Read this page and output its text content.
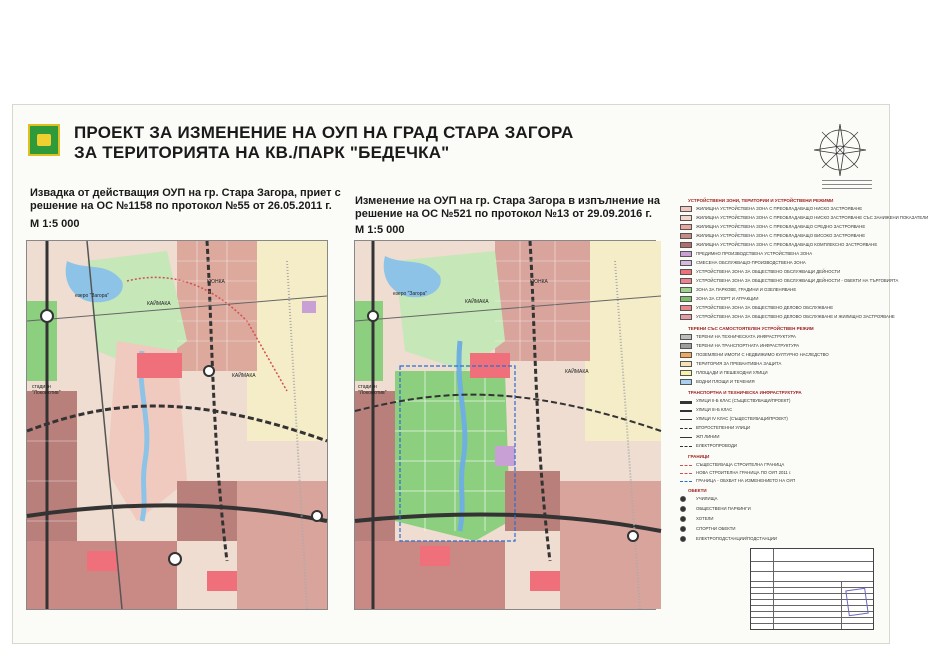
ПРОЕКТ ЗА ИЗМЕНЕНИЕ НА ОУП НА ГРАД СТАРА ЗАГОРА
ЗА ТЕРИТОРИЯТА НА КВ./ПАРК "БЕДЕЧКА"
Извадка от действащия ОУП на гр. Стара Загора, приет с
решение на ОС №1158 по протокол №55 от 26.05.2011 г.
М 1:5 000
Изменение на ОУП на гр. Стара Загора в изпълнение на
решение на ОС №521 по протокол №13 от 29.09.2016 г.
М 1:5 000
езеро "Загора"
стадион "Локомотив"
КАЙМАКА
КЮНКА
КАЙМАКА
езеро "Загора"
стадион "Локомотив"
КАЙМАКА
КЮНКА
КАЙМАКА
УСТРОЙСТВЕНИ ЗОНИ, ТЕРИТОРИИ И УСТРОЙСТВЕНИ РЕЖИМИ
ЖИЛИЩНА УСТРОЙСТВЕНА ЗОНА С ПРЕОБЛАДАВАЩО НИСКО ЗАСТРОЯВАНЕ
ЖИЛИЩНА УСТРОЙСТВЕНА ЗОНА С ПРЕОБЛАДАВАЩО НИСКО ЗАСТРОЯВАНЕ СЪС ЗАНИЖЕНИ ПОКАЗАТЕЛИ
ЖИЛИЩНА УСТРОЙСТВЕНА ЗОНА С ПРЕОБЛАДАВАЩО СРЕДНО ЗАСТРОЯВАНЕ
ЖИЛИЩНА УСТРОЙСТВЕНА ЗОНА С ПРЕОБЛАДАВАЩО ВИСОКО ЗАСТРОЯВАНЕ
ЖИЛИЩНА УСТРОЙСТВЕНА ЗОНА С ПРЕОБЛАДАВАЩО КОМПЛЕКСНО ЗАСТРОЯВАНЕ
ПРЕДИМНО ПРОИЗВОДСТВЕНА УСТРОЙСТВЕНА ЗОНА
СМЕСЕНА ОБСЛУЖВАЩО-ПРОИЗВОДСТВЕНА ЗОНА
УСТРОЙСТВЕНА ЗОНА ЗА ОБЩЕСТВЕНО ОБСЛУЖВАЩИ ДЕЙНОСТИ
УСТРОЙСТВЕНА ЗОНА ЗА ОБЩЕСТВЕНО ОБСЛУЖВАЩИ ДЕЙНОСТИ - ОБЕКТИ НА ТЪРГОВИЯТА
ЗОНА ЗА ПАРКОВЕ, ГРАДИНИ И ОЗЕЛЕНЯВАНЕ
ЗОНА ЗА СПОРТ И АТРАКЦИИ
УСТРОЙСТВЕНА ЗОНА ЗА ОБЩЕСТВЕНО ДЕЛОВО ОБСЛУЖВАНЕ
УСТРОЙСТВЕНА ЗОНА ЗА ОБЩЕСТВЕНО ДЕЛОВО ОБСЛУЖВАНЕ И ЖИЛИЩНО ЗАСТРОЯВАНЕ
ТЕРЕНИ СЪС САМОСТОЯТЕЛЕН УСТРОЙСТВЕН РЕЖИМ
ТЕРЕНИ НА ТЕХНИЧЕСКАТА ИНФРАСТРУКТУРА
ТЕРЕНИ НА ТРАНСПОРТНАТА ИНФРАСТРУКТУРА
ПОЗЕМЛЕНИ ИМОТИ С НЕДВИЖИМО КУЛТУРНО НАСЛЕДСТВО
ТЕРИТОРИЯ ЗА ПРЕВАНТИВНА ЗАЩИТА
ПЛОЩАДИ И ПЕШЕХОДНИ УЛИЦИ
ВОДНИ ПЛОЩИ И ТЕЧЕНИЯ
ТРАНСПОРТНА И ТЕХНИЧЕСКА ИНФРАСТРУКТУРА
УЛИЦИ II-Б КЛАС (СЪЩЕСТВУВАЩИ/ПРОЕКТ)
УЛИЦИ III-Б КЛАС
УЛИЦИ IV КЛАС (СЪЩЕСТВУВАЩИ/ПРОЕКТ)
ВТОРОСТЕПЕННИ УЛИЦИ
ЖП ЛИНИИ
ЕЛЕКТРОПРОВОДИ
ГРАНИЦИ
СЪЩЕСТВУВАЩА СТРОИТЕЛНА ГРАНИЦА
НОВА СТРОИТЕЛНА ГРАНИЦА ПО ОУП 2011 г.
ГРАНИЦА - ОБХВАТ НА ИЗМЕНЕНИЕТО НА ОУП
ОБЕКТИ
УЧИЛИЩА
ОБЩЕСТВЕНИ ПАРКИНГИ
ХОТЕЛИ
СПОРТНИ ОБЕКТИ
ЕЛЕКТРОПОДСТАНЦИИ/ПОДСТАНЦИИ
